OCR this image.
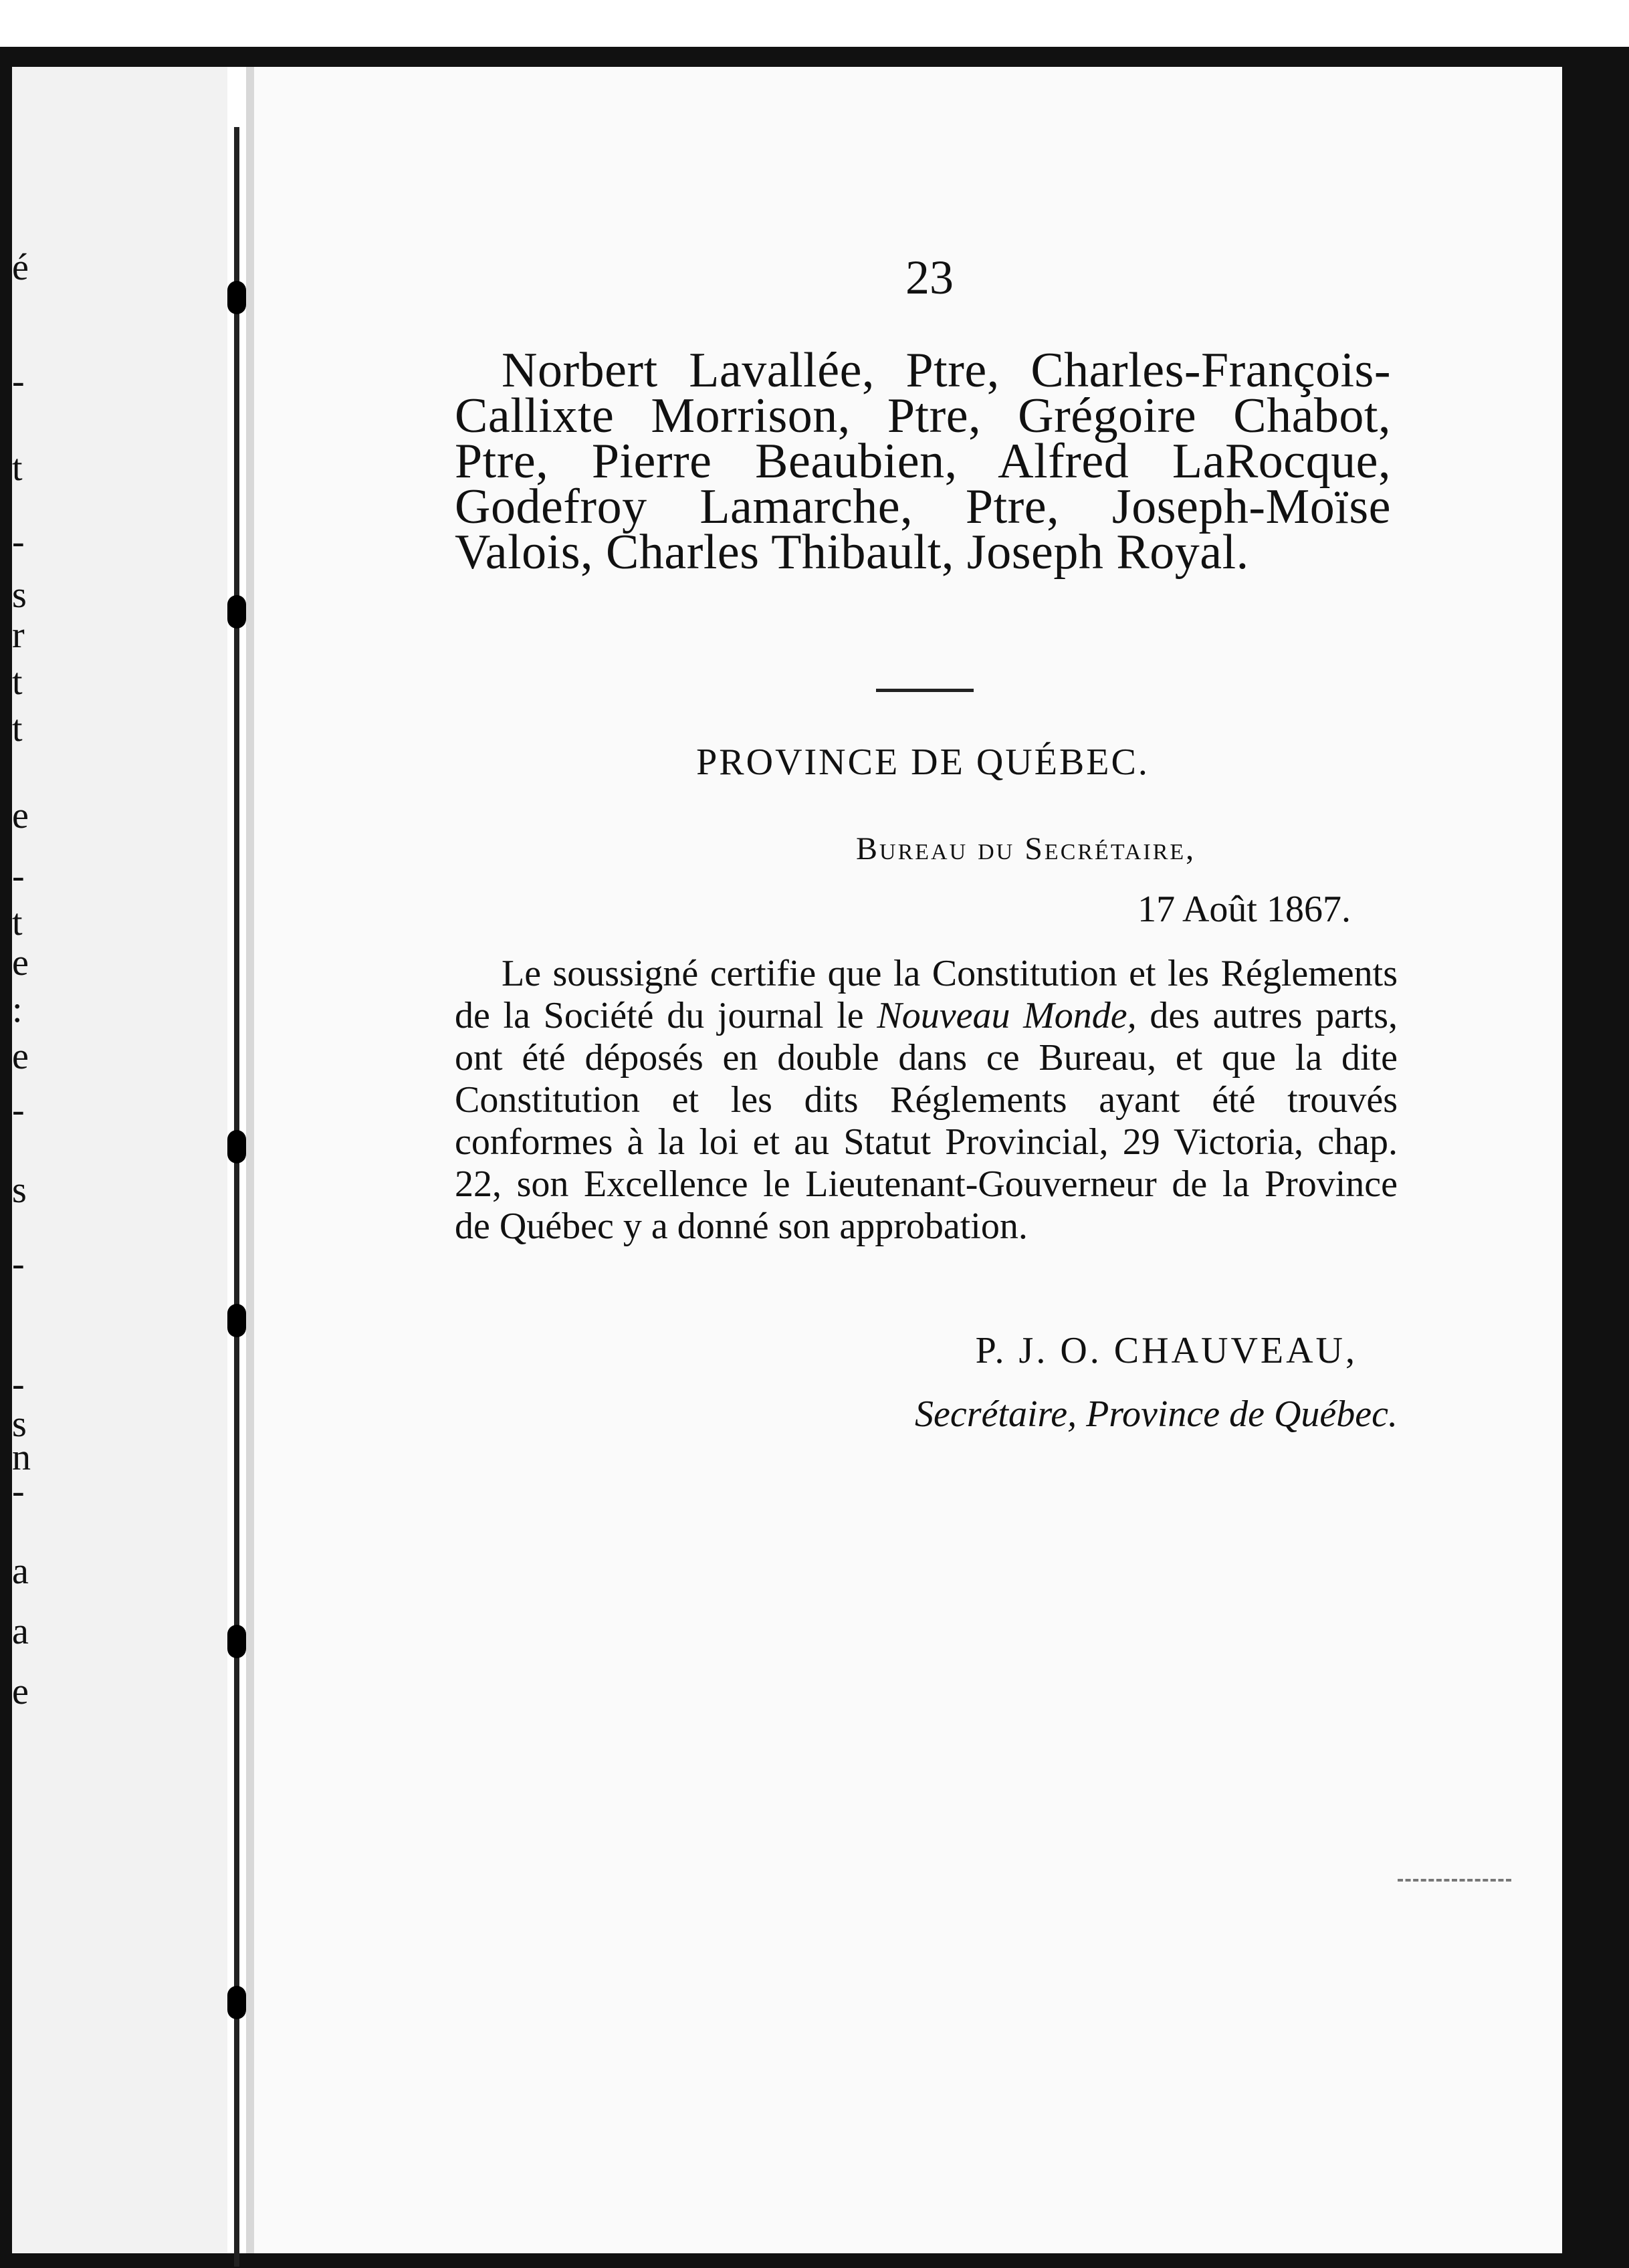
é
-
t
-
s
r
t
t
e
-
t
e
:
e
-
s
-
-
s
n
-
a
a
e
23
Norbert Lavallée, Ptre, Charles-François-Callixte Morrison, Ptre, Grégoire Chabot, Ptre, Pierre Beaubien, Alfred LaRocque, Godefroy Lamarche, Ptre, Joseph-Moïse Valois, Charles Thibault, Joseph Royal.
PROVINCE DE QUÉBEC.
Bureau du Secrétaire,
17 Août 1867.
Le soussigné certifie que la Constitution et les Réglements de la Société du journal le Nouveau Monde, des autres parts, ont été déposés en double dans ce Bureau, et que la dite Constitution et les dits Réglements ayant été trouvés conformes à la loi et au Statut Provincial, 29 Victoria, chap. 22, son Excellence le Lieutenant-Gouverneur de la Province de Québec y a donné son approbation.
P. J. O. CHAUVEAU,
Secrétaire, Province de Québec.
